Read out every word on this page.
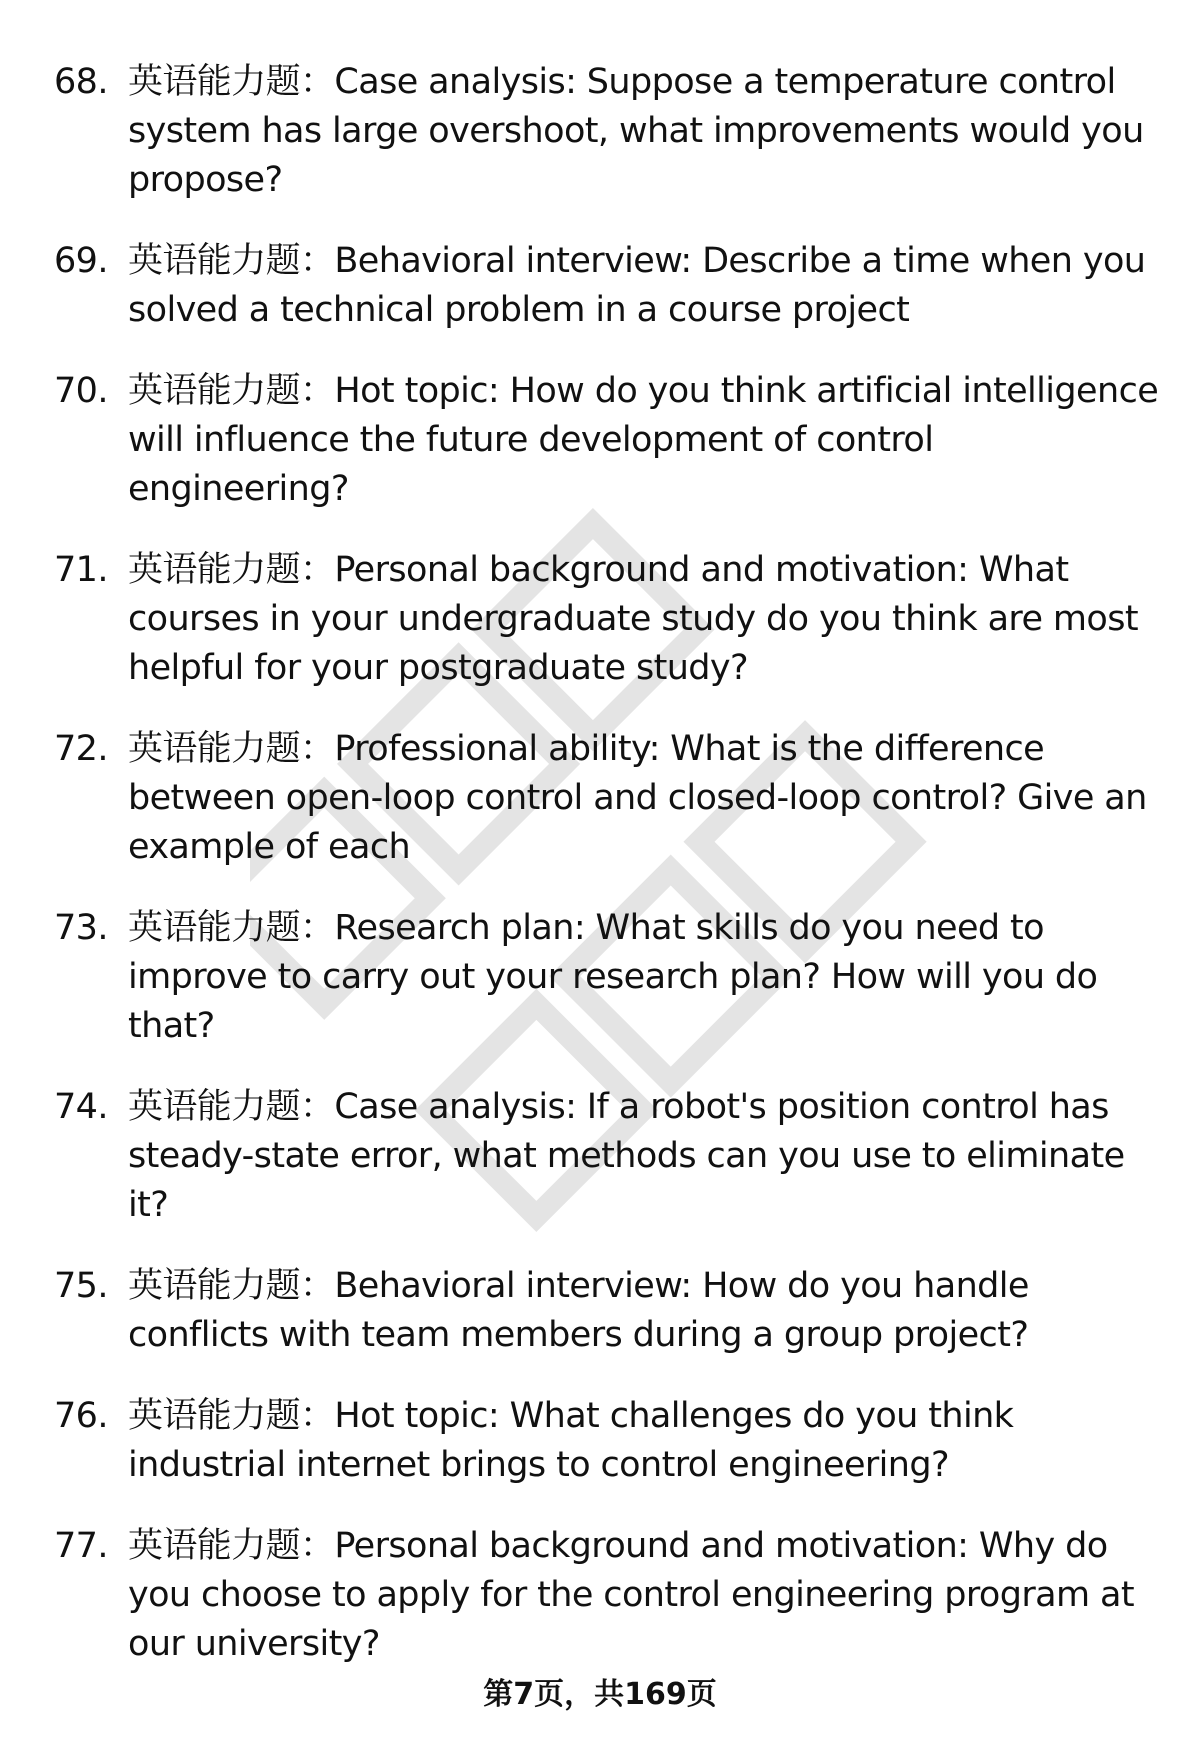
68. 英语能力题：Case analysis: Suppose a temperature control system has large overshoot, what improvements would you propose?
69. 英语能力题：Behavioral interview: Describe a time when you solved a technical problem in a course project
70. 英语能力题：Hot topic: How do you think artificial intelligence will influence the future development of control engineering?
71. 英语能力题：Personal background and motivation: What courses in your undergraduate study do you think are most helpful for your postgraduate study?
72. 英语能力题：Professional ability: What is the difference between open-loop control and closed-loop control? Give an example of each
73. 英语能力题：Research plan: What skills do you need to improve to carry out your research plan? How will you do that?
74. 英语能力题：Case analysis: If a robot's position control has steady-state error, what methods can you use to eliminate it?
75. 英语能力题：Behavioral interview: How do you handle conflicts with team members during a group project?
76. 英语能力题：Hot topic: What challenges do you think industrial internet brings to control engineering?
77. 英语能力题：Personal background and motivation: Why do you choose to apply for the control engineering program at our university?
第7页，共169页
